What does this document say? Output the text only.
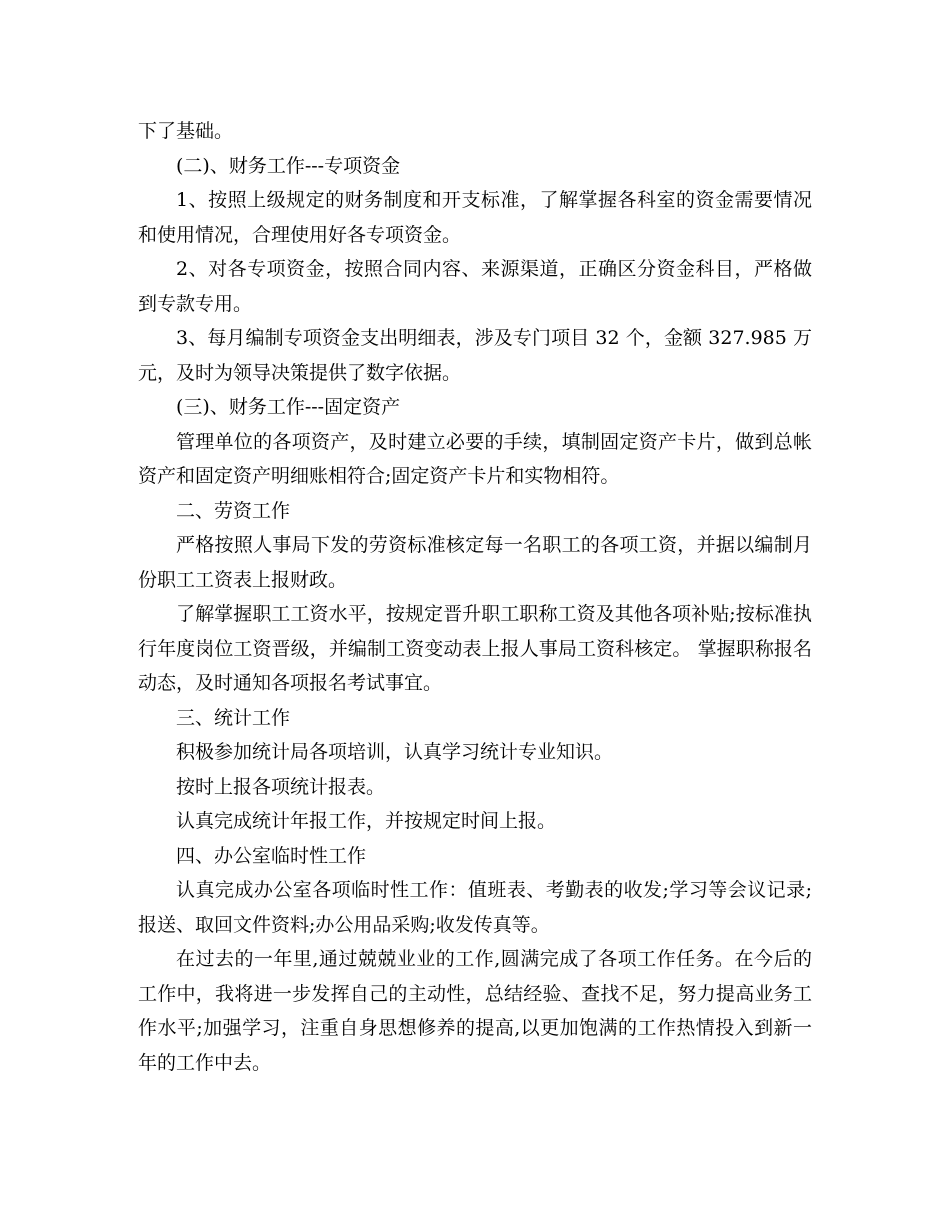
下了基础。

(二)、财务工作---专项资金

1、按照上级规定的财务制度和开支标准，了解掌握各科室的资金需要情况和使用情况，合理使用好各专项资金。

2、对各专项资金，按照合同内容、来源渠道，正确区分资金科目，严格做到专款专用。

3、每月编制专项资金支出明细表，涉及专门项目 32 个，金额 327.985 万元，及时为领导决策提供了数字依据。

(三)、财务工作---固定资产

管理单位的各项资产，及时建立必要的手续，填制固定资产卡片，做到总帐资产和固定资产明细账相符合;固定资产卡片和实物相符。

二、劳资工作

严格按照人事局下发的劳资标准核定每一名职工的各项工资，并据以编制月份职工工资表上报财政。

了解掌握职工工资水平，按规定晋升职工职称工资及其他各项补贴;按标准执行年度岗位工资晋级，并编制工资变动表上报人事局工资科核定。 掌握职称报名动态，及时通知各项报名考试事宜。

三、统计工作

积极参加统计局各项培训，认真学习统计专业知识。

按时上报各项统计报表。

认真完成统计年报工作，并按规定时间上报。

四、办公室临时性工作

认真完成办公室各项临时性工作：值班表、考勤表的收发;学习等会议记录;报送、取回文件资料;办公用品采购;收发传真等。

在过去的一年里,通过兢兢业业的工作,圆满完成了各项工作任务。在今后的工作中，我将进一步发挥自己的主动性，总结经验、查找不足，努力提高业务工作水平;加强学习，注重自身思想修养的提高,以更加饱满的工作热情投入到新一年的工作中去。
